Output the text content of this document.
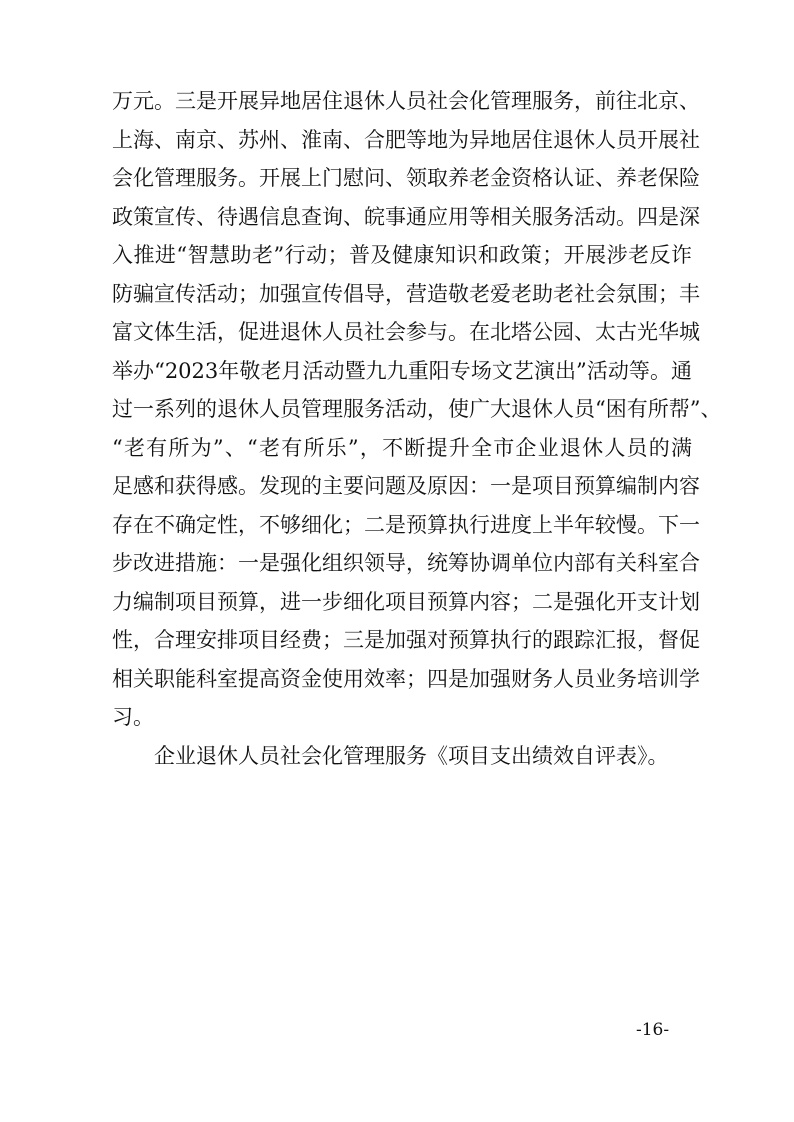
万元。三是开展异地居住退休人员社会化管理服务，前往北京、
上海、南京、苏州、淮南、合肥等地为异地居住退休人员开展社
会化管理服务。开展上门慰问、领取养老金资格认证、养老保险
政策宣传、待遇信息查询、皖事通应用等相关服务活动。四是深
入推进“智慧助老”行动；普及健康知识和政策；开展涉老反诈
防骗宣传活动；加强宣传倡导，营造敬老爱老助老社会氛围；丰
富文体生活，促进退休人员社会参与。在北塔公园、太古光华城
举办“2023年敬老月活动暨九九重阳专场文艺演出”活动等。通
过一系列的退休人员管理服务活动，使广大退休人员“困有所帮”、
“老有所为”、“老有所乐”，不断提升全市企业退休人员的满
足感和获得感。发现的主要问题及原因：一是项目预算编制内容
存在不确定性，不够细化；二是预算执行进度上半年较慢。下一
步改进措施：一是强化组织领导，统筹协调单位内部有关科室合
力编制项目预算，进一步细化项目预算内容；二是强化开支计划
性，合理安排项目经费；三是加强对预算执行的跟踪汇报，督促
相关职能科室提高资金使用效率；四是加强财务人员业务培训学
习。
企业退休人员社会化管理服务《项目支出绩效自评表》。
-16-
